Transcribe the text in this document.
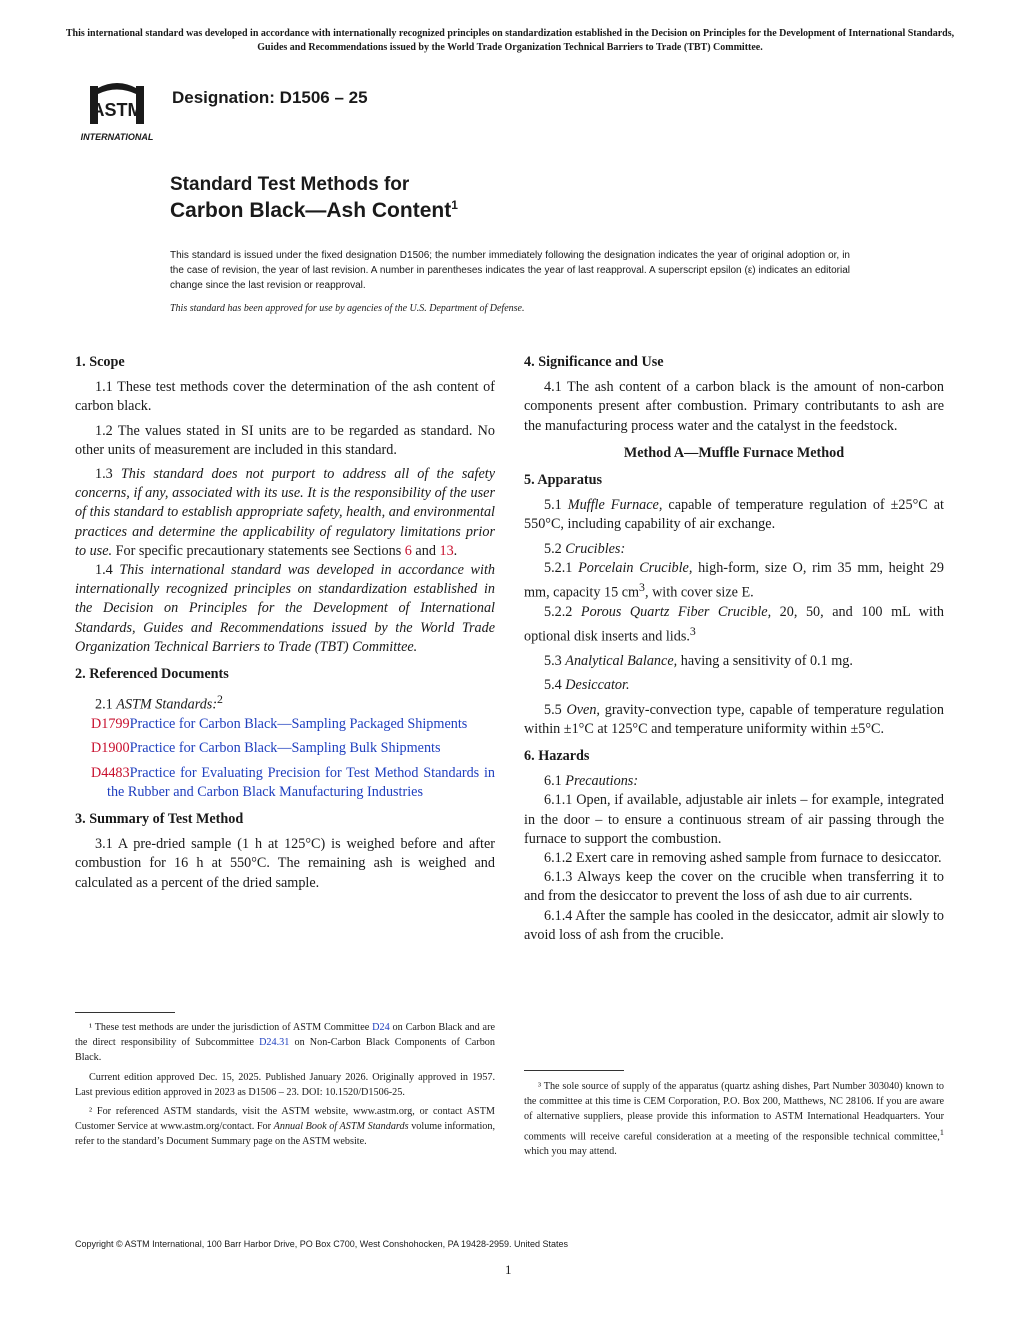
This international standard was developed in accordance with internationally recognized principles on standardization established in the Decision on Principles for the Development of International Standards, Guides and Recommendations issued by the World Trade Organization Technical Barriers to Trade (TBT) Committee.
ASTM
INTERNATIONAL
Designation: D1506 – 25
Standard Test Methods for
Carbon Black—Ash Content$^1$
This standard is issued under the fixed designation D1506; the number immediately following the designation indicates the year of original adoption or, in the case of revision, the year of last revision. A number in parentheses indicates the year of last reapproval. A superscript epsilon (ε) indicates an editorial change since the last revision or reapproval.
This standard has been approved for use by agencies of the U.S. Department of Defense.
1. Scope

1.1 These test methods cover the determination of the ash content of carbon black.

1.2 The values stated in SI units are to be regarded as standard. No other units of measurement are included in this standard.

1.3 This standard does not purport to address all of the safety concerns, if any, associated with its use. It is the responsibility of the user of this standard to establish appropriate safety, health, and environmental practices and determine the applicability of regulatory limitations prior to use. For specific precautionary statements see Sections 6 and 13.

1.4 This international standard was developed in accordance with internationally recognized principles on standardization established in the Decision on Principles for the Development of International Standards, Guides and Recommendations issued by the World Trade Organization Technical Barriers to Trade (TBT) Committee.

2. Referenced Documents

2.1 ASTM Standards:$^2$

D1799Practice for Carbon Black—Sampling Packaged Shipments

D1900Practice for Carbon Black—Sampling Bulk Shipments

D4483Practice for Evaluating Precision for Test Method Standards in the Rubber and Carbon Black Manufacturing Industries

3. Summary of Test Method

3.1 A pre-dried sample (1 h at 125°C) is weighed before and after combustion for 16 h at 550°C. The remaining ash is weighed and calculated as a percent of the dried sample.

¹ These test methods are under the jurisdiction of ASTM Committee D24 on Carbon Black and are the direct responsibility of Subcommittee D24.31 on Non-Carbon Black Components of Carbon Black.

Current edition approved Dec. 15, 2025. Published January 2026. Originally approved in 1957. Last previous edition approved in 2023 as D1506 – 23. DOI: 10.1520/D1506-25.

² For referenced ASTM standards, visit the ASTM website, www.astm.org, or contact ASTM Customer Service at www.astm.org/contact. For Annual Book of ASTM Standards volume information, refer to the standard’s Document Summary page on the ASTM website.

4. Significance and Use

4.1 The ash content of a carbon black is the amount of non-carbon components present after combustion. Primary contributants to ash are the manufacturing process water and the catalyst in the feedstock.

Method A—Muffle Furnace Method
5. Apparatus

5.1 Muffle Furnace, capable of temperature regulation of ±25°C at 550°C, including capability of air exchange.

5.2 Crucibles:

5.2.1 Porcelain Crucible, high-form, size O, rim 35 mm, height 29 mm, capacity 15 $cm^3$, with cover size E.

5.2.2 Porous Quartz Fiber Crucible, 20, 50, and 100 mL with optional disk inserts and lids.$^3$

5.3 Analytical Balance, having a sensitivity of 0.1 mg.

5.4 Desiccator.

5.5 Oven, gravity-convection type, capable of temperature regulation within ±1°C at 125°C and temperature uniformity within ±5°C.

6. Hazards

6.1 Precautions:

6.1.1 Open, if available, adjustable air inlets – for example, integrated in the door – to ensure a continuous stream of air passing through the furnace to support the combustion.

6.1.2 Exert care in removing ashed sample from furnace to desiccator.

6.1.3 Always keep the cover on the crucible when transferring it to and from the desiccator to prevent the loss of ash due to air currents.

6.1.4 After the sample has cooled in the desiccator, admit air slowly to avoid loss of ash from the crucible.

³ The sole source of supply of the apparatus (quartz ashing dishes, Part Number 303040) known to the committee at this time is CEM Corporation, P.O. Box 200, Matthews, NC 28106. If you are aware of alternative suppliers, please provide this information to ASTM International Headquarters. Your comments will receive careful consideration at a meeting of the responsible technical committee,$^1$ which you may attend.

Copyright © ASTM International, 100 Barr Harbor Drive, PO Box C700, West Conshohocken, PA 19428-2959. United States
1
